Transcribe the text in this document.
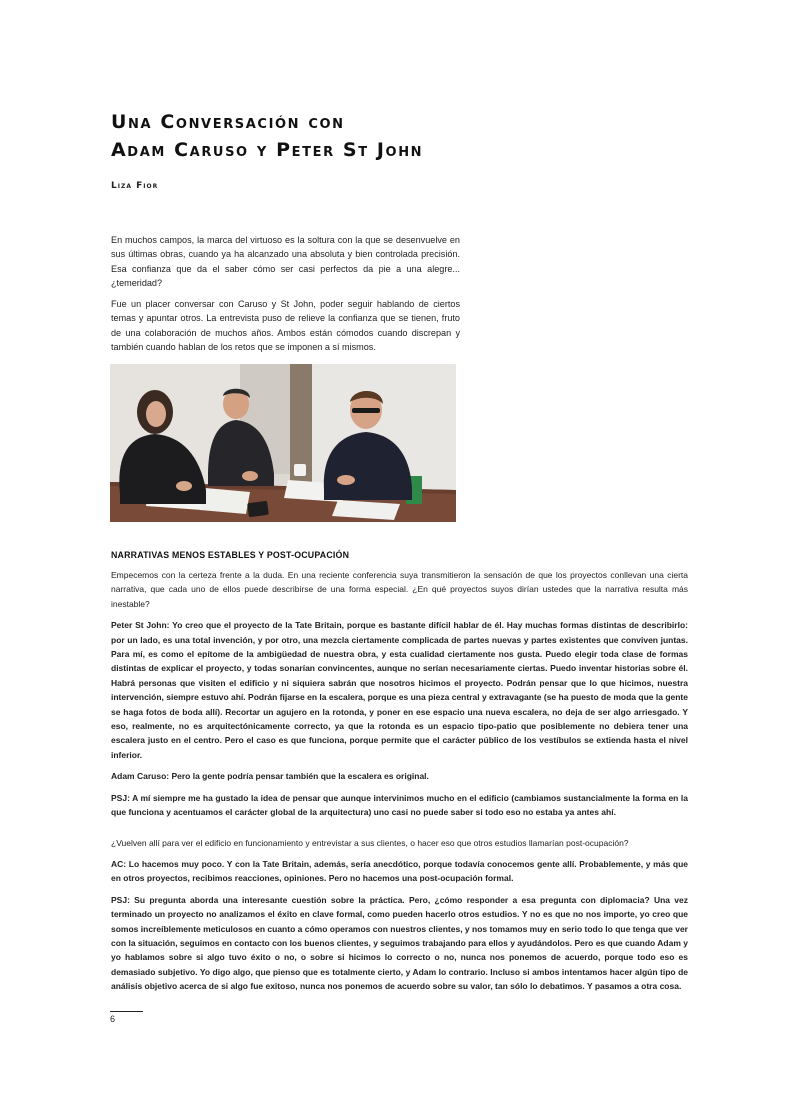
Una Conversación con
Adam Caruso y Peter St John
Liza Fior

En muchos campos, la marca del virtuoso es la soltura con la que se desenvuelve en sus últimas obras, cuando ya ha alcanzado una absoluta y bien controlada precisión. Esa confianza que da el saber cómo ser casi perfectos da pie a una alegre... ¿temeridad?

Fue un placer conversar con Caruso y St John, poder seguir hablando de ciertos temas y apuntar otros. La entrevista puso de relieve la confianza que se tienen, fruto de una colaboración de muchos años. Ambos están cómodos cuando discrepan y también cuando hablan de los retos que se imponen a sí mismos.

NARRATIVAS MENOS ESTABLES Y POST-OCUPACIÓN

Empecemos con la certeza frente a la duda. En una reciente conferencia suya transmitieron la sensación de que los proyectos conllevan una cierta narrativa, que cada uno de ellos puede describirse de una forma especial. ¿En qué proyectos suyos dirían ustedes que la narrativa resulta más inestable?

Peter St John: Yo creo que el proyecto de la Tate Britain, porque es bastante difícil hablar de él. Hay muchas formas distintas de describirlo: por un lado, es una total invención, y por otro, una mezcla ciertamente complicada de partes nuevas y partes existentes que conviven juntas. Para mí, es como el epítome de la ambigüedad de nuestra obra, y esta cualidad ciertamente nos gusta. Puedo elegir toda clase de formas distintas de explicar el proyecto, y todas sonarían convincentes, aunque no serían necesariamente ciertas. Puedo inventar historias sobre él. Habrá personas que visiten el edificio y ni siquiera sabrán que nosotros hicimos el proyecto. Podrán pensar que lo que hicimos, nuestra intervención, siempre estuvo ahí. Podrán fijarse en la escalera, porque es una pieza central y extravagante (se ha puesto de moda que la gente se haga fotos de boda allí). Recortar un agujero en la rotonda, y poner en ese espacio una nueva escalera, no deja de ser algo arriesgado. Y eso, realmente, no es arquitectónicamente correcto, ya que la rotonda es un espacio tipo-patio que posiblemente no debiera tener una escalera justo en el centro. Pero el caso es que funciona, porque permite que el carácter público de los vestíbulos se extienda hasta el nivel inferior.

Adam Caruso: Pero la gente podría pensar también que la escalera es original.

PSJ: A mí siempre me ha gustado la idea de pensar que aunque intervinimos mucho en el edificio (cambiamos sustancialmente la forma en la que funciona y acentuamos el carácter global de la arquitectura) uno casi no puede saber si todo eso no estaba ya antes ahí.

¿Vuelven allí para ver el edificio en funcionamiento y entrevistar a sus clientes, o hacer eso que otros estudios llamarían post-ocupación?

AC: Lo hacemos muy poco. Y con la Tate Britain, además, sería anecdótico, porque todavía conocemos gente allí. Probablemente, y más que en otros proyectos, recibimos reacciones, opiniones. Pero no hacemos una post-ocupación formal.

PSJ: Su pregunta aborda una interesante cuestión sobre la práctica. Pero, ¿cómo responder a esa pregunta con diplomacia? Una vez terminado un proyecto no analizamos el éxito en clave formal, como pueden hacerlo otros estudios. Y no es que no nos importe, yo creo que somos increíblemente meticulosos en cuanto a cómo operamos con nuestros clientes, y nos tomamos muy en serio todo lo que tenga que ver con la situación, seguimos en contacto con los buenos clientes, y seguimos trabajando para ellos y ayudándolos. Pero es que cuando Adam y yo hablamos sobre si algo tuvo éxito o no, o sobre si hicimos lo correcto o no, nunca nos ponemos de acuerdo, porque todo eso es demasiado subjetivo. Yo digo algo, que pienso que es totalmente cierto, y Adam lo contrario. Incluso si ambos intentamos hacer algún tipo de análisis objetivo acerca de si algo fue exitoso, nunca nos ponemos de acuerdo sobre su valor, tan sólo lo debatimos. Y pasamos a otra cosa.

6
